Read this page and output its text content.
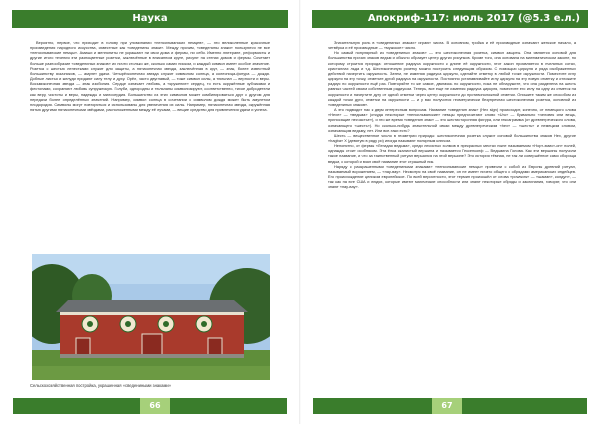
Наука

Вероятно, первое, что приходит в голову при упоминании «пенсильванских немцев», — это великолепные красочные произведения народного искусства, известные как «сведенины знаки». Между прочим, «сведенины знаки» пользуются не все «пенсильванские немцы». Амиши и меннониты не украшают ни свои дома и фермы, ни себя. Именно лютеране, реформисты и другие итого течения эти разноцветные розетки, заключённые в вписанном круге, рисуют на стенах домов и фермы. Сочетает больше разнообразие «сведениных знаков» их почти столько же, сколько самих писком, и каждый символ имеет особое значение. Розетка с шестью лепестками служит для защиты, а пятиконечная звезда, заключённая в круг, — знак, более известный большинству язычников, — амулет удачи. Четырёхконечная звезда служит символом солнца, а колесница-фигура — дождя. Доблые листья и желуди придают силу телу и духу. Орёл, часто двуглавый, — тоже символ силы, а тюльпан — верности и веры. Восьмиконечная звезда — знак изобилия. Сердце означает любовь, а «кружение» сердец, то есть окружённые зубчиками и фестонами, сохраняют любовь супружескую. Голуби, однородны и тюльпаны символизируют, соответственно, тихое добродетели как веру, чистоты и веры, надежды и милосердия. Большинство из этих символов может комбинироваться друг с другом для передачи более определённых значений. Например, символ солнца в сочетании с символом дождя может быть амулетом плодородия. Символы могут повторяться и использованы для увеличения их силы. Например, пятиконечная звезда, окружённая пятью другими пятиконечными звёздами, расположенными между её лучами, — вещие средство для привлечения удачи и успеха.

Сельскохозяйственная постройка, украшенная «сведениными знаками»
66
Апокриф-117: июль 2017 (@5.3 е.л.)

Значительную роль в «сведениных знаках» играют числа. В основном, тройка и её производные означают женское начало, а четвёрка и её производные — «мужское» число.

Но самый популярный из «сведениных знаков» — это шестиконечная розетка, символ защиты. Она является основой для большинства прочих знаков ведьм и обычно образует центр других рисунков. Кроме того, она основана на математическом законе, по которому строится природа: отношение радиуса окружности к длине её окружности, этот закон проявляется в пчелиных сотах, кристаллах льда и т.д. Шестиконечную розетку можно построить следующим образом. С помощью циркуля и ряда изображенных действий начертить окружность. Затем, не изменяя радиуса циркуля, сделайте отметку в любой точке окружности. Поместите иглу циркуля на эту точку, отметьте дугой радиуса на окружности. Постоянно устанавливайте иглу циркуля на эту новую отметку и отложите радиус по окружности ещё раз. Повторяйте то же самое, двигаясь по окружности, пока не обнаружите, что она разделена на шесть равных частей своим собственным радиусом. Теперь, все еще не изменяя радиуса циркуля, поместите его иглу на одну из отметок на окружности и начертите дугу от одной отметки через центр окружности до противоположной отметки. Опишите таким же способом из каждой точки дуги, отметки на окружности — и у вас получится геометрически безупречная шестиконечная розетка, основной из «сведениных знаков».

А это подводит нас к двум интересным вопросам. Название «сведенин знак» (Hex sign) происходит, конечно, от немецкого слова «Hexe» — «ведьма» (откуда некоторые «пенсильванские» немцы предпочитают слово «Uru» — буквально «человек или вещь, приносящие несчастье»), и это же время «сведенин знак» — это шестисторонняя фигура, или гексаграмма (от древнегреческого слова, означающего «шесть»). Но сколько-нибудь значительной связи между древнегреческим «hex» — «шесть» и немецким словом, означающим ведьму, нет. Или все-таки есть?

Шесть — вещественное число в геометрии природы: шестиконечная розетка служит основой большинства знаков Hex, другие «hagba» X (девятую в ряду ри) иногда называют полярным ключом.

Непонятно, от фермы «Легидая ведьма», среди лесистых холмов в прекрасных местах ныне называемом «Норт-эмист-он» полей, однажды стоит особняком. Эта ёлка скалистый вершина и называется Гексенкопф — Ведьмина Голова. Как эти вершины получили такое название, и что за таинственный ритуал вершился на этой вершине? Это история тёмная, не так ли совершённое само сборища ведьм, с которой и взял своё название этот страшный пик.

Наряду с раскрашенными «сведениными знаками» «пенсильванские немцы» привезли с собой из Европы древний ритуал, называемый ворожением, — «пау-вау». Несмотря на своё название, он не имеет ничего общего с обрядами американских индейцев. Его происхождение целиком европейское. По всей вероятности, этот термин произошёл от слова «powwow» — «шаман», колдун», — так как на юге США и людях, которые имеют магические способности или знают некоторые обряды и заклинания, говорят, что они знают «пау-вау».

67
